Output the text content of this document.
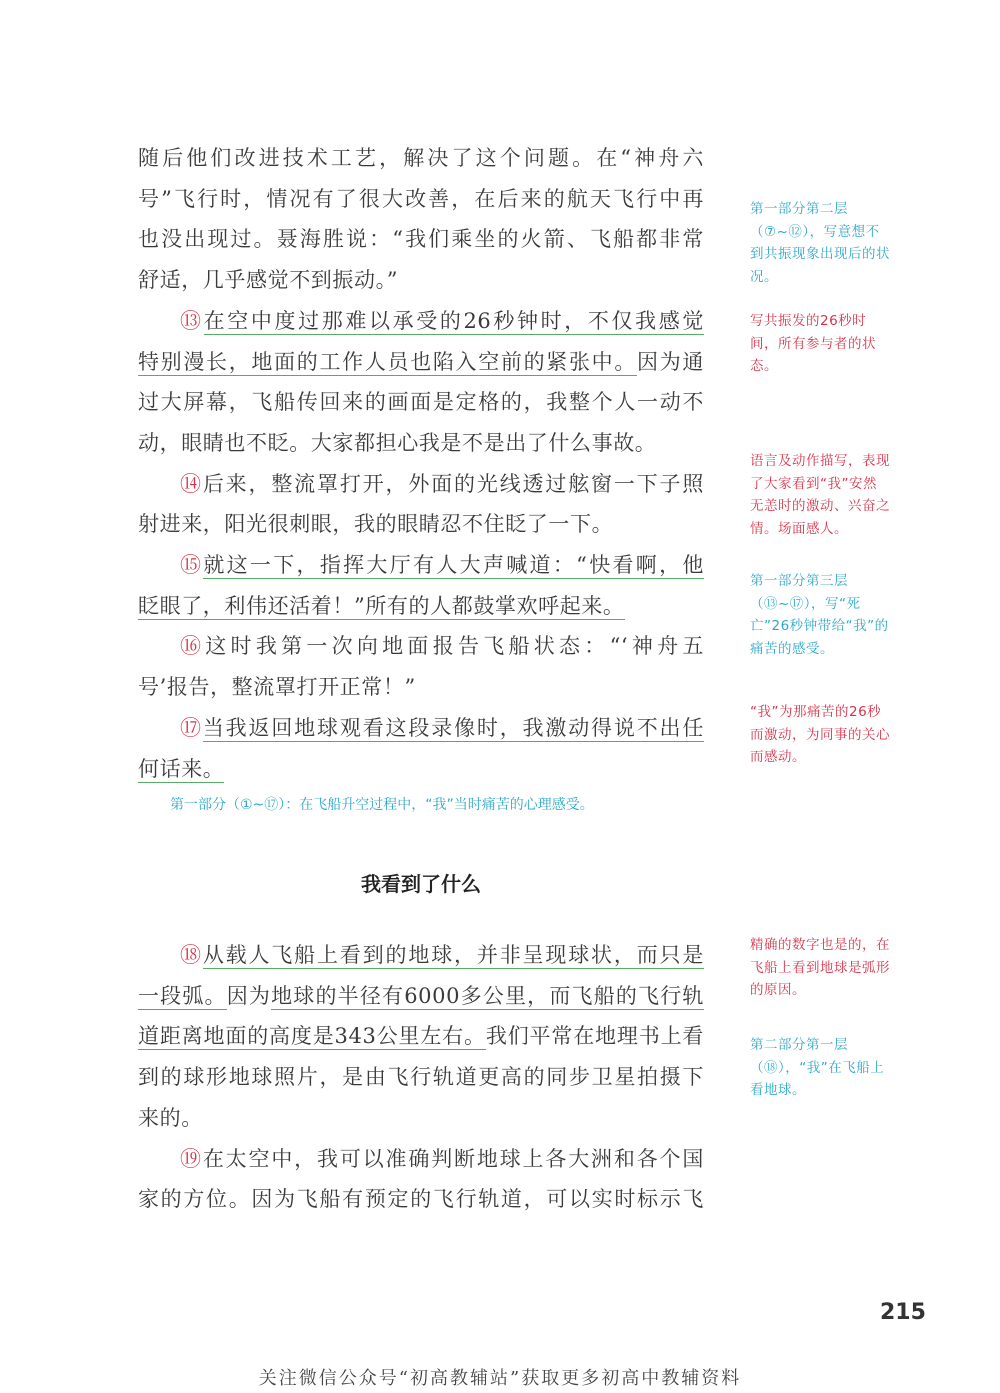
随后他们改进技术工艺，解决了这个问题。在“神舟六
号”飞行时，情况有了很大改善，在后来的航天飞行中再
也没出现过。聂海胜说：“我们乘坐的火箭、飞船都非常
舒适，几乎感觉不到振动。”
⑬在空中度过那难以承受的26秒钟时，不仅我感觉
特别漫长，地面的工作人员也陷入空前的紧张中。因为通
过大屏幕，飞船传回来的画面是定格的，我整个人一动不
动，眼睛也不眨。大家都担心我是不是出了什么事故。
⑭后来，整流罩打开，外面的光线透过舷窗一下子照
射进来，阳光很刺眼，我的眼睛忍不住眨了一下。
⑮就这一下，指挥大厅有人大声喊道：“快看啊，他
眨眼了，利伟还活着！”所有的人都鼓掌欢呼起来。
⑯这时我第一次向地面报告飞船状态：“‘神舟五
号’报告，整流罩打开正常！”
⑰当我返回地球观看这段录像时，我激动得说不出任
何话来。
第一部分（①~⑰）：在飞船升空过程中，“我”当时痛苦的心理感受。
我看到了什么
⑱从载人飞船上看到的地球，并非呈现球状，而只是
一段弧。因为地球的半径有6000多公里，而飞船的飞行轨
道距离地面的高度是343公里左右。我们平常在地理书上看
到的球形地球照片，是由飞行轨道更高的同步卫星拍摄下
来的。
⑲在太空中，我可以准确判断地球上各大洲和各个国
家的方位。因为飞船有预定的飞行轨道，可以实时标示飞
第一部分第二层（⑦~⑫），写意想不到共振现象出现后的状况。
写共振发的26秒时间，所有参与者的状态。
语言及动作描写，表现了大家看到“我”安然无恙时的激动、兴奋之情。场面感人。
第一部分第三层（⑬~⑰），写“死亡”26秒钟带给“我”的痛苦的感受。
“我”为那痛苦的26秒而激动，为同事的关心而感动。
精确的数字也是的，在飞船上看到地球是弧形的原因。
第二部分第一层（⑱），“我”在飞船上看地球。
215
关注微信公众号“初高教辅站”获取更多初高中教辅资料
